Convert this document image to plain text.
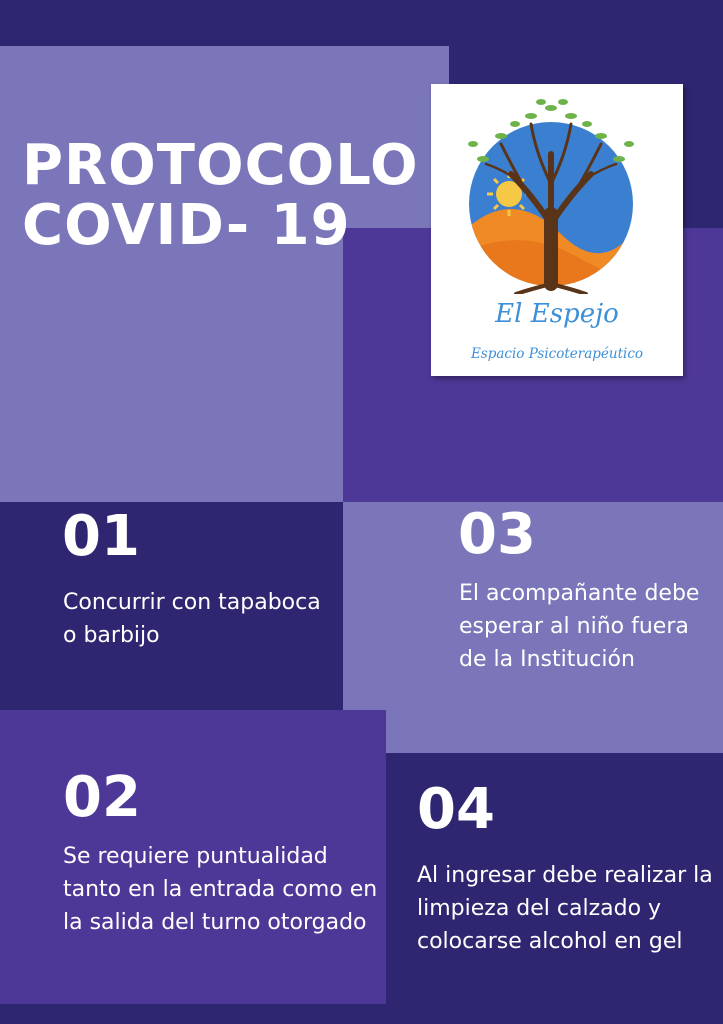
PROTOCOLO
COVID- 19
El Espejo
Espacio Psicoterapéutico
01

Concurrir con tapaboca o barbijo

03

El acompañante debe esperar al niño fuera de la Institución

02

Se requiere puntualidad tanto en la entrada como en la salida del turno otorgado

04

Al ingresar debe realizar la limpieza del calzado y colocarse alcohol en gel
